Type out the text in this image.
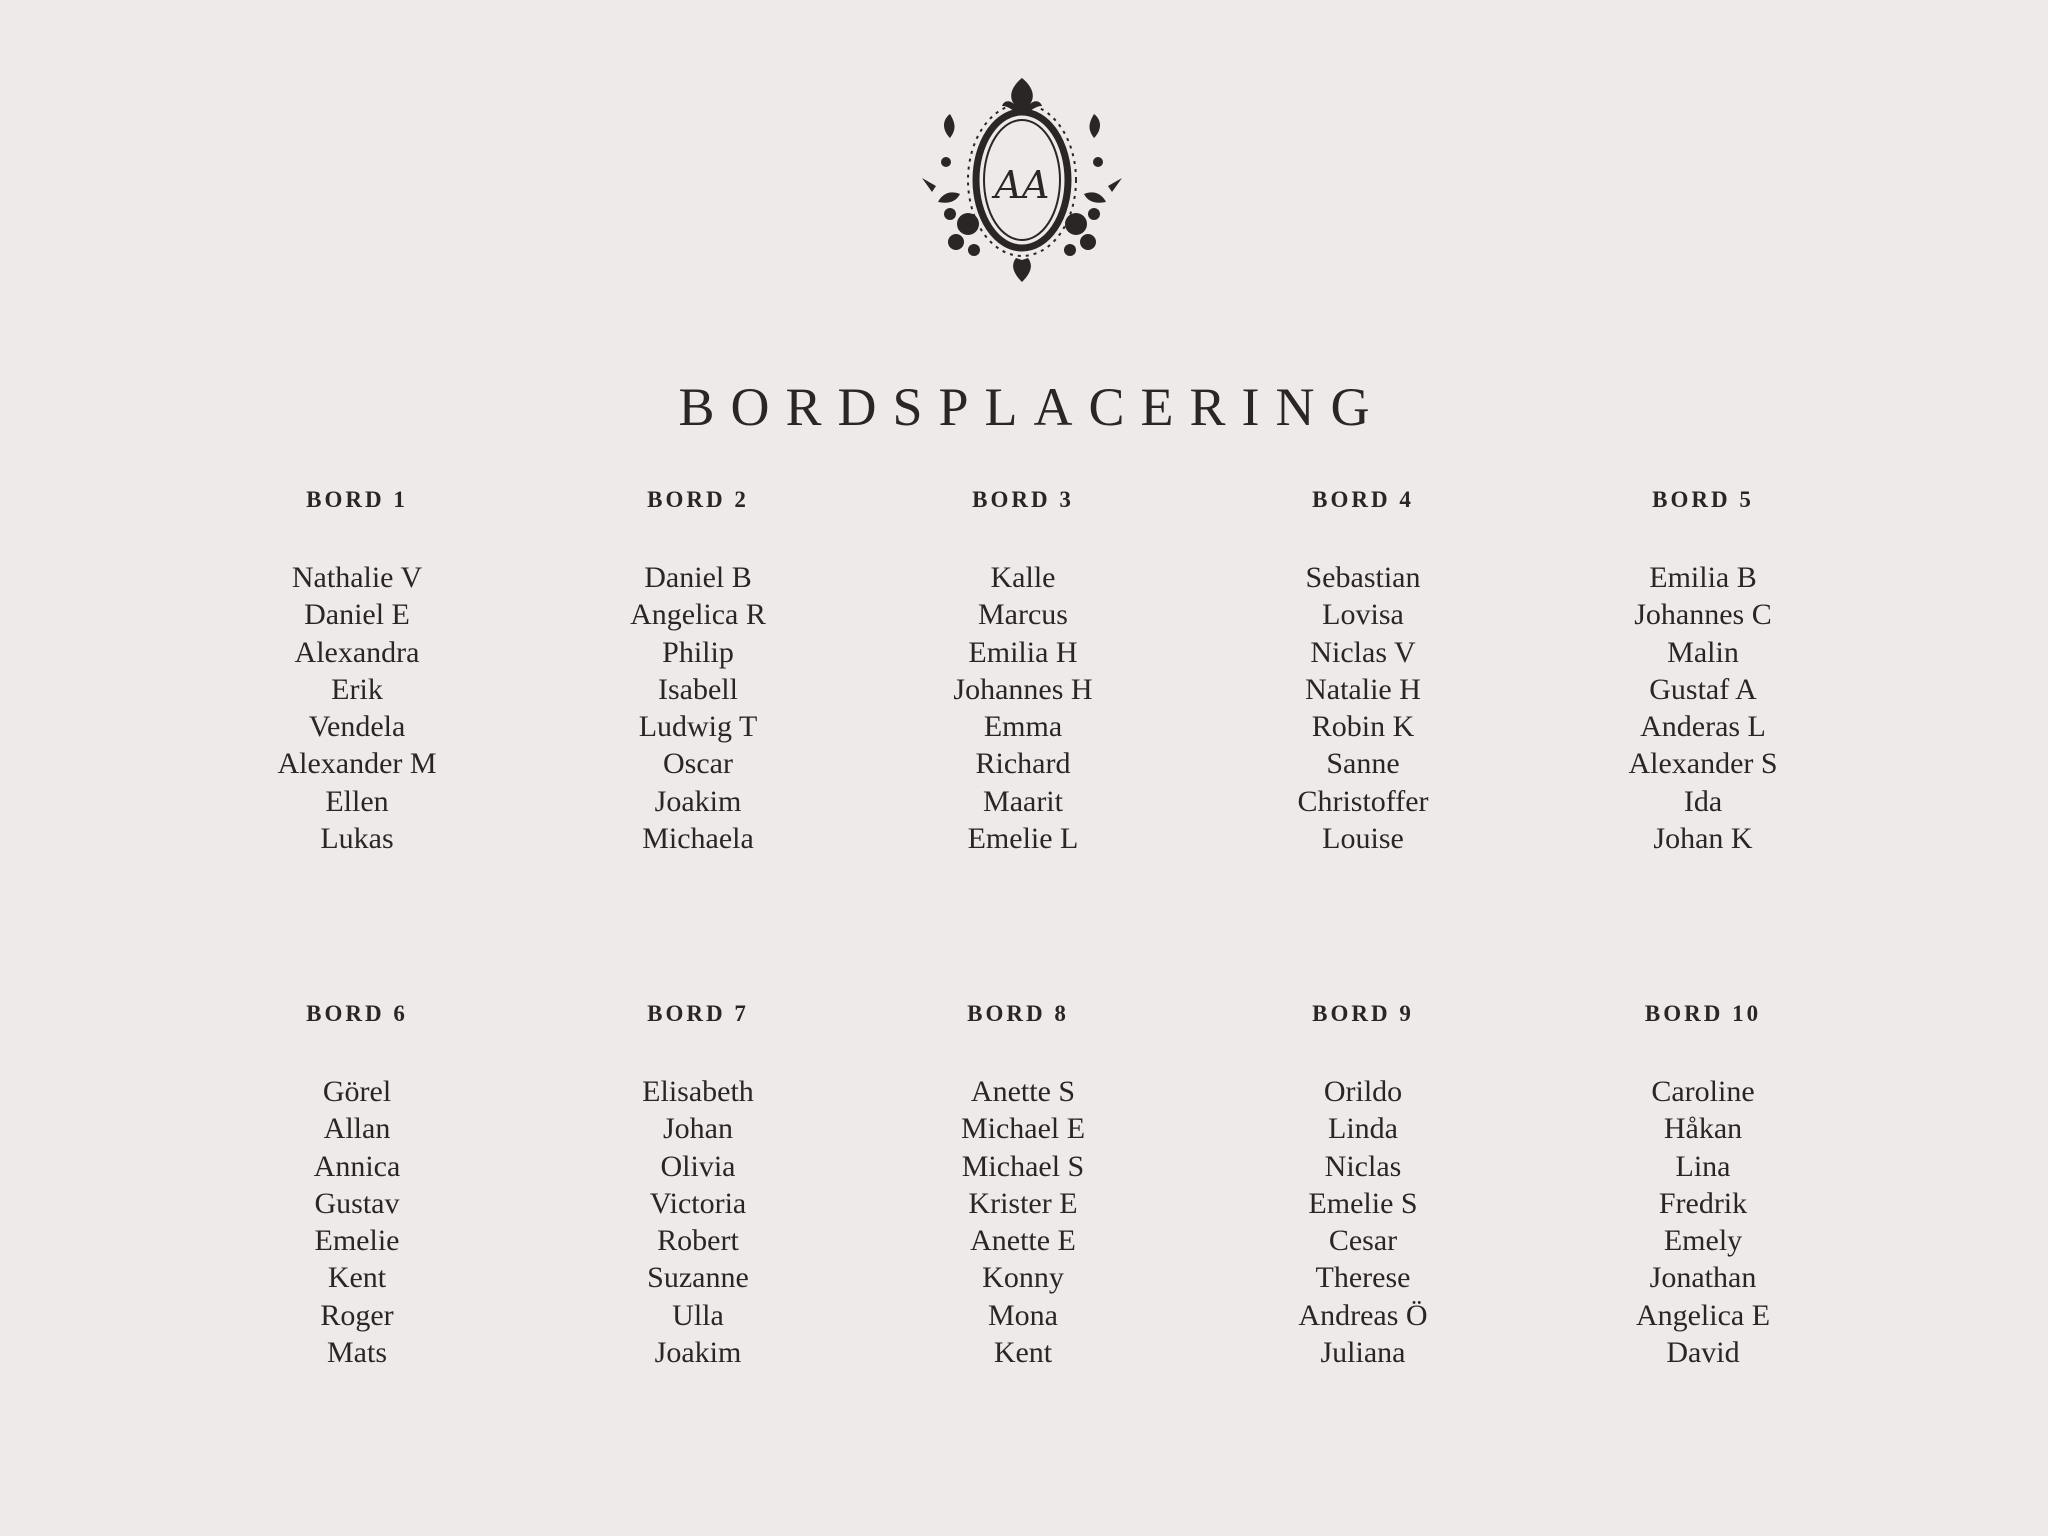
AA
BORDSPLACERING
BORD 1
Nathalie V
Daniel E
Alexandra
Erik
Vendela
Alexander M
Ellen
Lukas
BORD 2
Daniel B
Angelica R
Philip
Isabell
Ludwig T
Oscar
Joakim
Michaela
BORD 3
Kalle
Marcus
Emilia H
Johannes H
Emma
Richard
Maarit
Emelie L
BORD 4
Sebastian
Lovisa
Niclas V
Natalie H
Robin K
Sanne
Christoffer
Louise
BORD 5
Emilia B
Johannes C
Malin
Gustaf A
Anderas L
Alexander S
Ida
Johan K
BORD 6
Görel
Allan
Annica
Gustav
Emelie
Kent
Roger
Mats
BORD 7
Elisabeth
Johan
Olivia
Victoria
Robert
Suzanne
Ulla
Joakim
BORD 8
Anette S
Michael E
Michael S
Krister E
Anette E
Konny
Mona
Kent
BORD 9
Orildo
Linda
Niclas
Emelie S
Cesar
Therese
Andreas Ö
Juliana
BORD 10
Caroline
Håkan
Lina
Fredrik
Emely
Jonathan
Angelica E
David
